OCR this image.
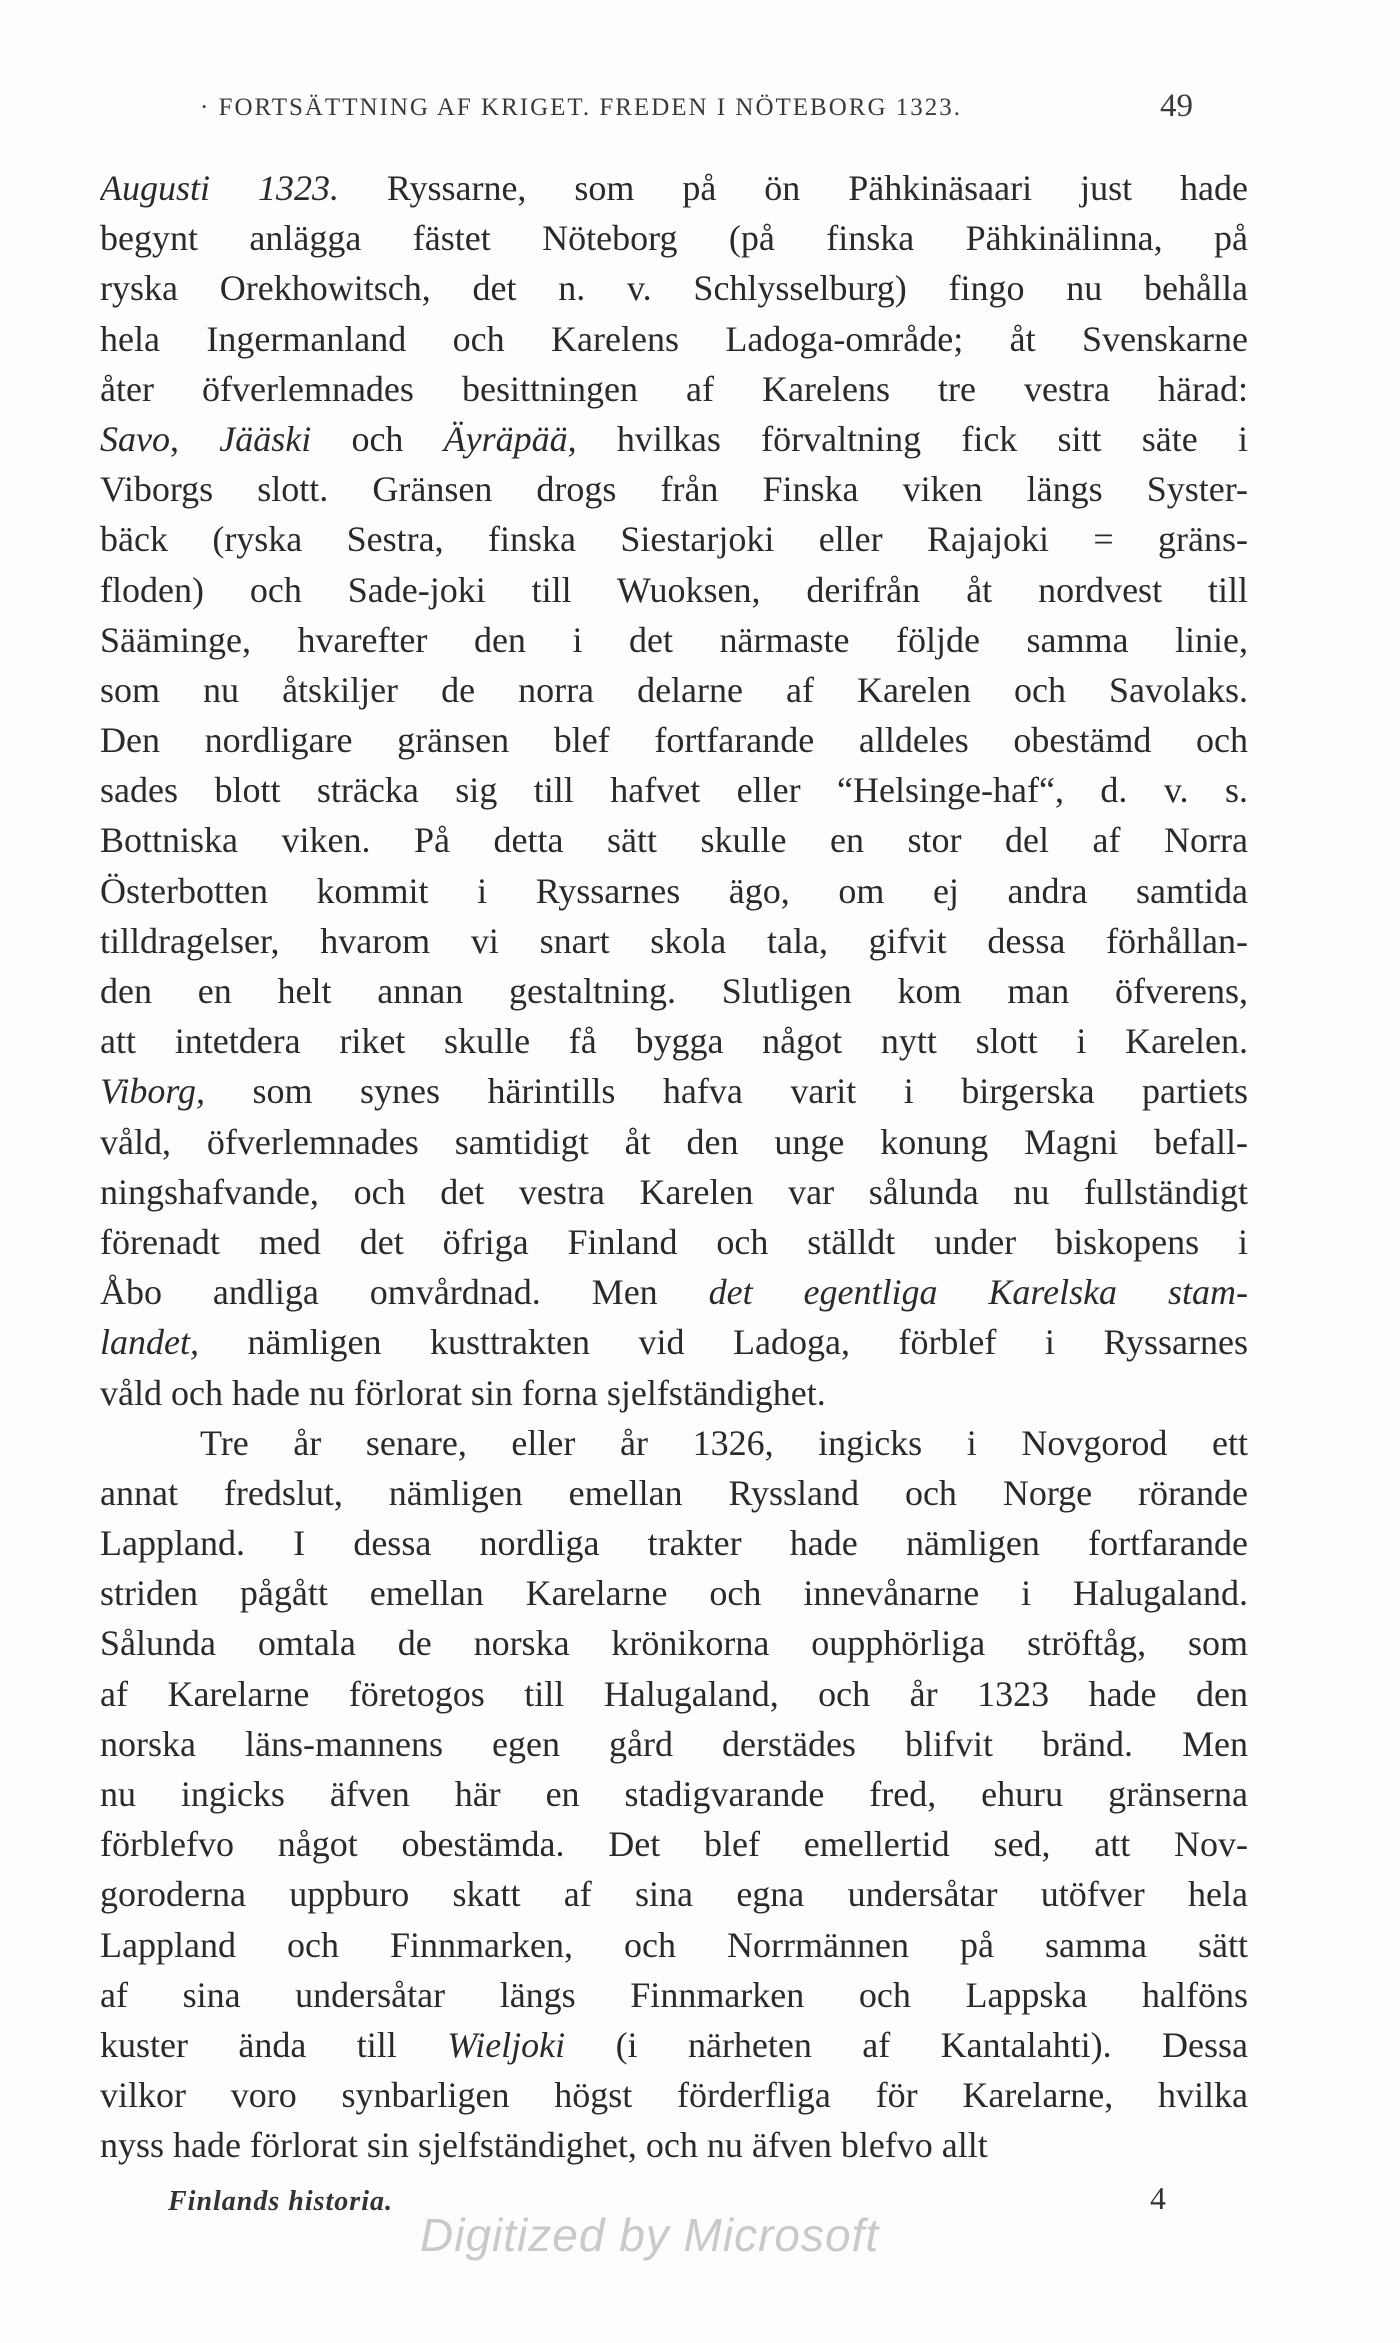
· FORTSÄTTNING AF KRIGET. FREDEN I NÖTEBORG 1323.	49
Augusti 1323. Ryssarne, som på ön Pähkinäsaari just hade
begynt anlägga fästet Nöteborg (på finska Pähkinälinna, på
ryska Orekhowitsch, det n. v. Schlysselburg) fingo nu behålla
hela Ingermanland och Karelens Ladoga-område; åt Svenskarne
åter öfverlemnades besittningen af Karelens tre vestra härad:
Savo, Jääski och Äyräpää, hvilkas förvaltning fick sitt säte i
Viborgs slott. Gränsen drogs från Finska viken längs Syster-
bäck (ryska Sestra, finska Siestarjoki eller Rajajoki = gräns-
floden) och Sade-joki till Wuoksen, derifrån åt nordvest till
Sääminge, hvarefter den i det närmaste följde samma linie,
som nu åtskiljer de norra delarne af Karelen och Savolaks.
Den nordligare gränsen blef fortfarande alldeles obestämd och
sades blott sträcka sig till hafvet eller “Helsinge-haf“, d. v. s.
Bottniska viken. På detta sätt skulle en stor del af Norra
Österbotten kommit i Ryssarnes ägo, om ej andra samtida
tilldragelser, hvarom vi snart skola tala, gifvit dessa förhållan-
den en helt annan gestaltning. Slutligen kom man öfverens,
att intetdera riket skulle få bygga något nytt slott i Karelen.
Viborg, som synes härintills hafva varit i birgerska partiets
våld, öfverlemnades samtidigt åt den unge konung Magni befall-
ningshafvande, och det vestra Karelen var sålunda nu fullständigt
förenadt med det öfriga Finland och ställdt under biskopens i
Åbo andliga omvårdnad. Men det egentliga Karelska stam-
landet, nämligen kusttrakten vid Ladoga, förblef i Ryssarnes
våld och hade nu förlorat sin forna sjelfständighet.
Tre år senare, eller år 1326, ingicks i Novgorod ett
annat fredslut, nämligen emellan Ryssland och Norge rörande
Lappland. I dessa nordliga trakter hade nämligen fortfarande
striden pågått emellan Karelarne och innevånarne i Halugaland.
Sålunda omtala de norska krönikorna oupphörliga ströftåg, som
af Karelarne företogos till Halugaland, och år 1323 hade den
norska läns-mannens egen gård derstädes blifvit bränd. Men
nu ingicks äfven här en stadigvarande fred, ehuru gränserna
förblefvo något obestämda. Det blef emellertid sed, att Nov-
goroderna uppburo skatt af sina egna undersåtar utöfver hela
Lappland och Finnmarken, och Norrmännen på samma sätt
af sina undersåtar längs Finnmarken och Lappska halföns
kuster ända till Wieljoki (i närheten af Kantalahti). Dessa
vilkor voro synbarligen högst förderfliga för Karelarne, hvilka
nyss hade förlorat sin sjelfständighet, och nu äfven blefvo allt
Finlands historia.	4
Digitized by Microsoft
